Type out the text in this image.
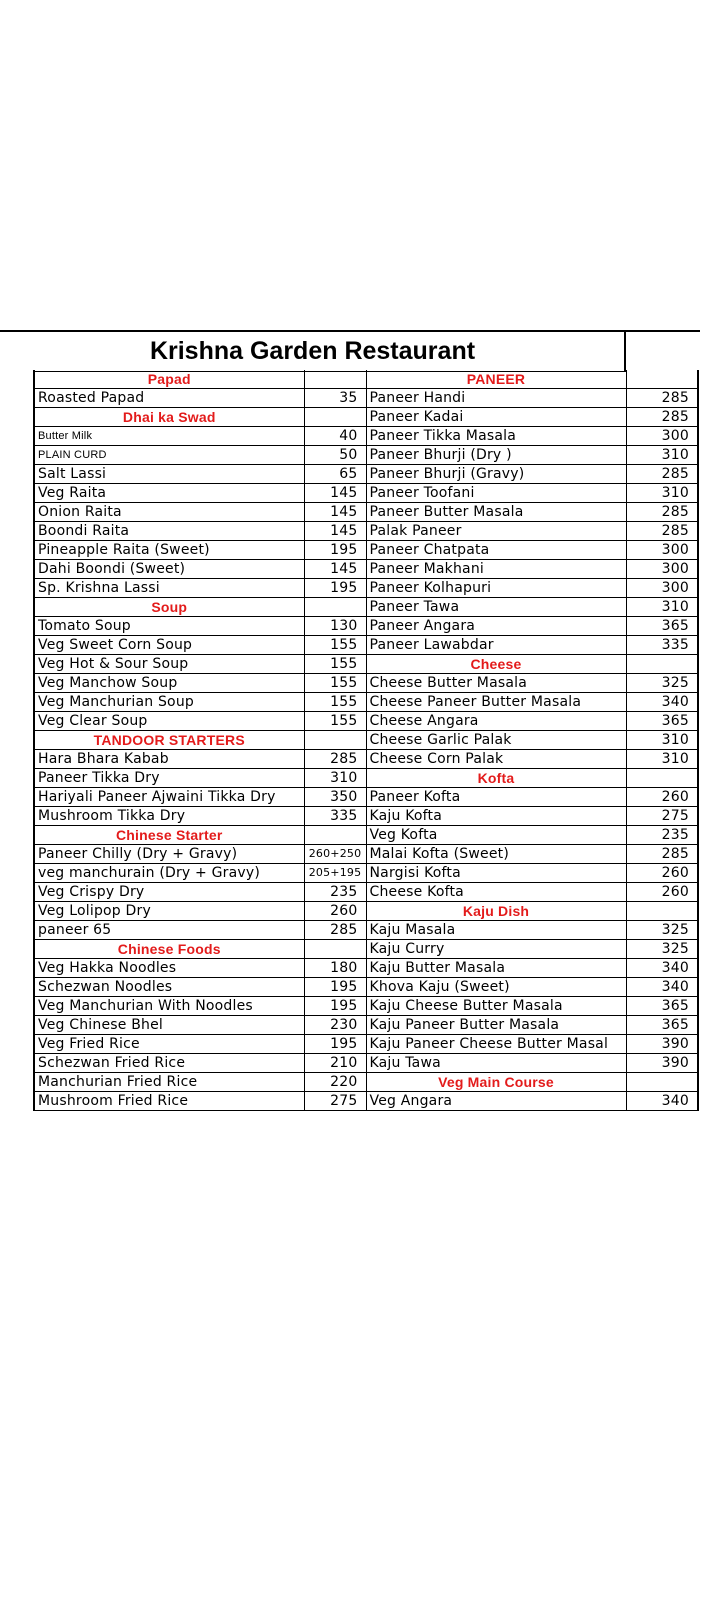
Krishna Garden Restaurant
Papad		PANEER	
Roasted Papad	35	Paneer Handi	285
Dhai ka Swad		Paneer Kadai	285
Butter Milk	40	Paneer Tikka Masala	300
PLAIN CURD	50	Paneer Bhurji (Dry )	310
Salt Lassi	65	Paneer Bhurji (Gravy)	285
Veg Raita	145	Paneer Toofani	310
Onion Raita	145	Paneer Butter Masala	285
Boondi Raita	145	Palak Paneer	285
Pineapple Raita (Sweet)	195	Paneer Chatpata	300
Dahi Boondi (Sweet)	145	Paneer Makhani	300
Sp. Krishna Lassi	195	Paneer Kolhapuri	300
Soup		Paneer Tawa	310
Tomato Soup	130	Paneer Angara	365
Veg Sweet Corn Soup	155	Paneer Lawabdar	335
Veg Hot & Sour Soup	155	Cheese	
Veg Manchow Soup	155	Cheese Butter Masala	325
Veg Manchurian Soup	155	Cheese Paneer Butter Masala	340
Veg Clear Soup	155	Cheese Angara	365
TANDOOR STARTERS		Cheese Garlic Palak	310
Hara Bhara Kabab	285	Cheese Corn Palak	310
Paneer Tikka Dry	310	Kofta	
Hariyali Paneer Ajwaini Tikka Dry	350	Paneer Kofta	260
Mushroom Tikka Dry	335	Kaju Kofta	275
Chinese Starter		Veg Kofta	235
Paneer Chilly (Dry + Gravy)	260+250	Malai Kofta (Sweet)	285
veg manchurain (Dry + Gravy)	205+195	Nargisi Kofta	260
Veg Crispy Dry	235	Cheese Kofta	260
Veg Lolipop Dry	260	Kaju Dish	
paneer 65	285	Kaju Masala	325
Chinese Foods		Kaju Curry	325
Veg Hakka Noodles	180	Kaju Butter Masala	340
Schezwan Noodles	195	Khova Kaju (Sweet)	340
Veg Manchurian With Noodles	195	Kaju Cheese Butter Masala	365
Veg Chinese Bhel	230	Kaju Paneer Butter Masala	365
Veg Fried Rice	195	Kaju Paneer Cheese Butter Masal	390
Schezwan Fried Rice	210	Kaju Tawa	390
Manchurian Fried Rice	220	Veg Main Course	
Mushroom Fried Rice	275	Veg Angara	340
